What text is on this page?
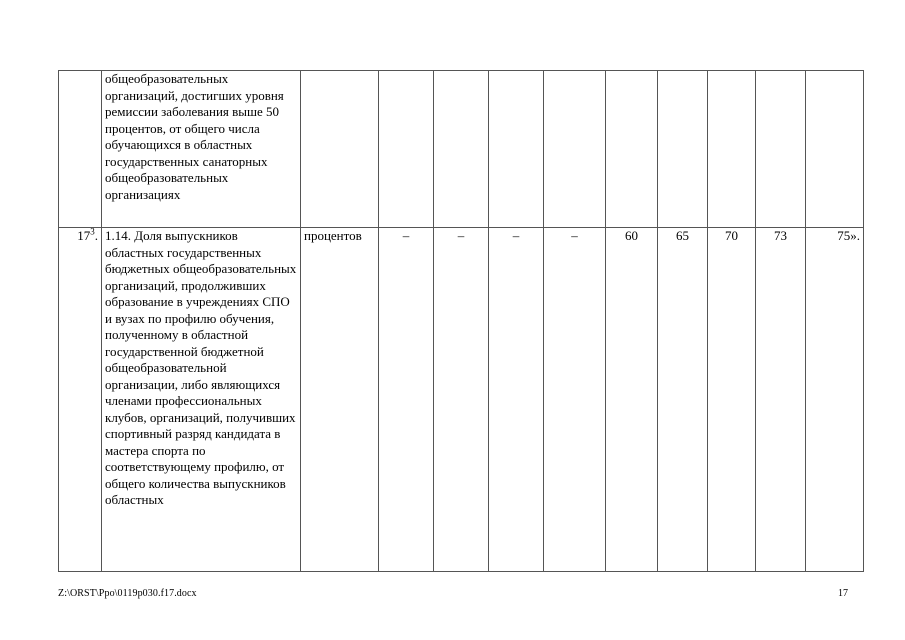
	общеобразовательных организаций, достигших уровня ремиссии заболевания выше 50 процентов, от общего числа обучающихся в областных государственных санаторных общеобразовательных организациях										
$17^3$.	1.14. Доля выпускников областных государственных бюджетных общеобразовательных организаций, продолживших образование в учреждениях СПО и вузах по профилю обучения, полученному в областной государственной бюджетной общеобразовательной организации, либо являющихся членами профессиональных клубов, организаций, получивших спортивный разряд кандидата в мастера спорта по соответствующему профилю, от общего количества выпускников областных	процентов	–	–	–	–	60	65	70	73	75».
Z:\ORST\Ppo\0119p030.f17.docx	17
